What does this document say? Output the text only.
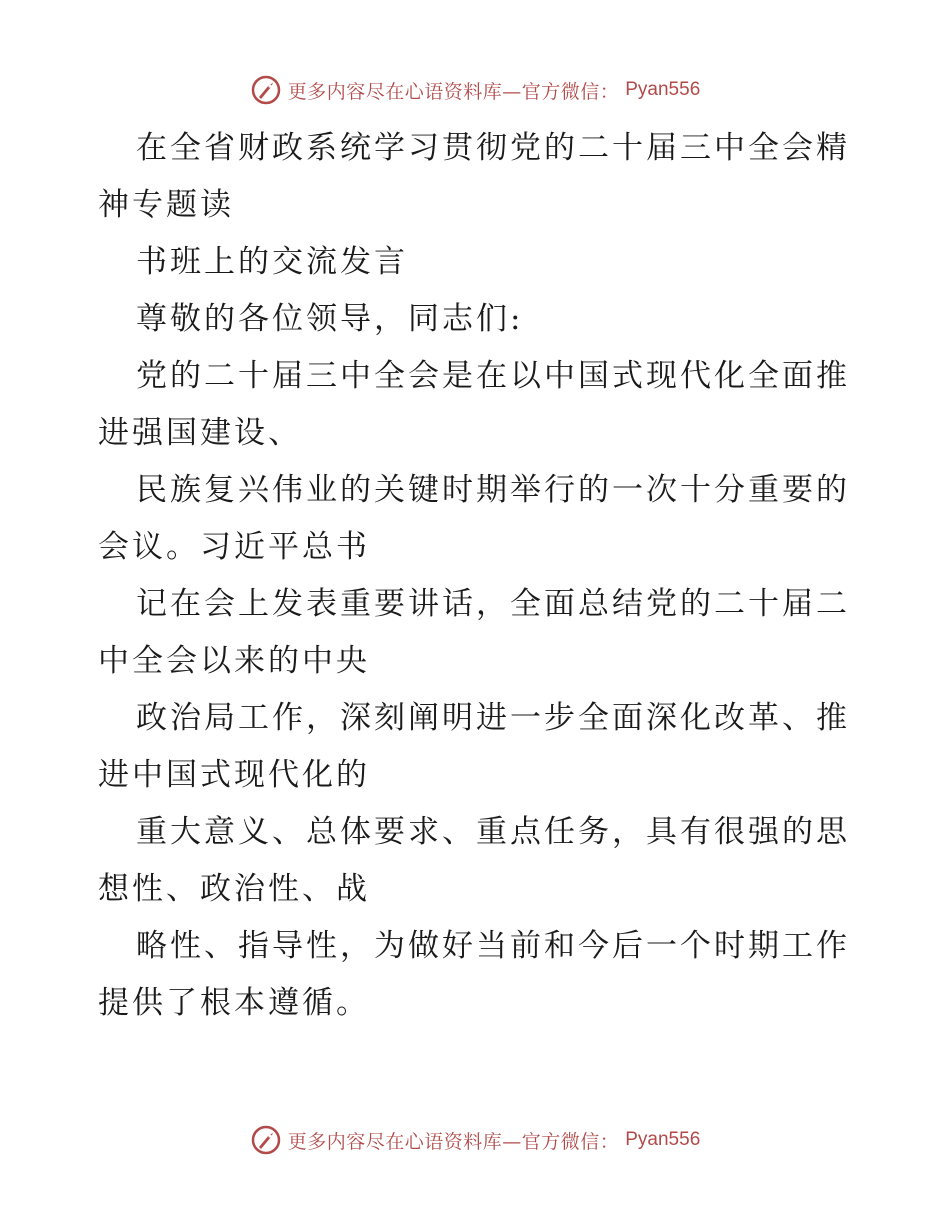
更多内容尽在心语资料库—官方微信： Pyan556

在全省财政系统学习贯彻党的二十届三中全会精神专题读

书班上的交流发言

尊敬的各位领导，同志们:

党的二十届三中全会是在以中国式现代化全面推进强国建设、

民族复兴伟业的关键时期举行的一次十分重要的会议。习近平总书

记在会上发表重要讲话，全面总结党的二十届二中全会以来的中央

政治局工作，深刻阐明进一步全面深化改革、推进中国式现代化的

重大意义、总体要求、重点任务，具有很强的思想性、政治性、战

略性、指导性，为做好当前和今后一个时期工作提供了根本遵循。

更多内容尽在心语资料库—官方微信： Pyan556
